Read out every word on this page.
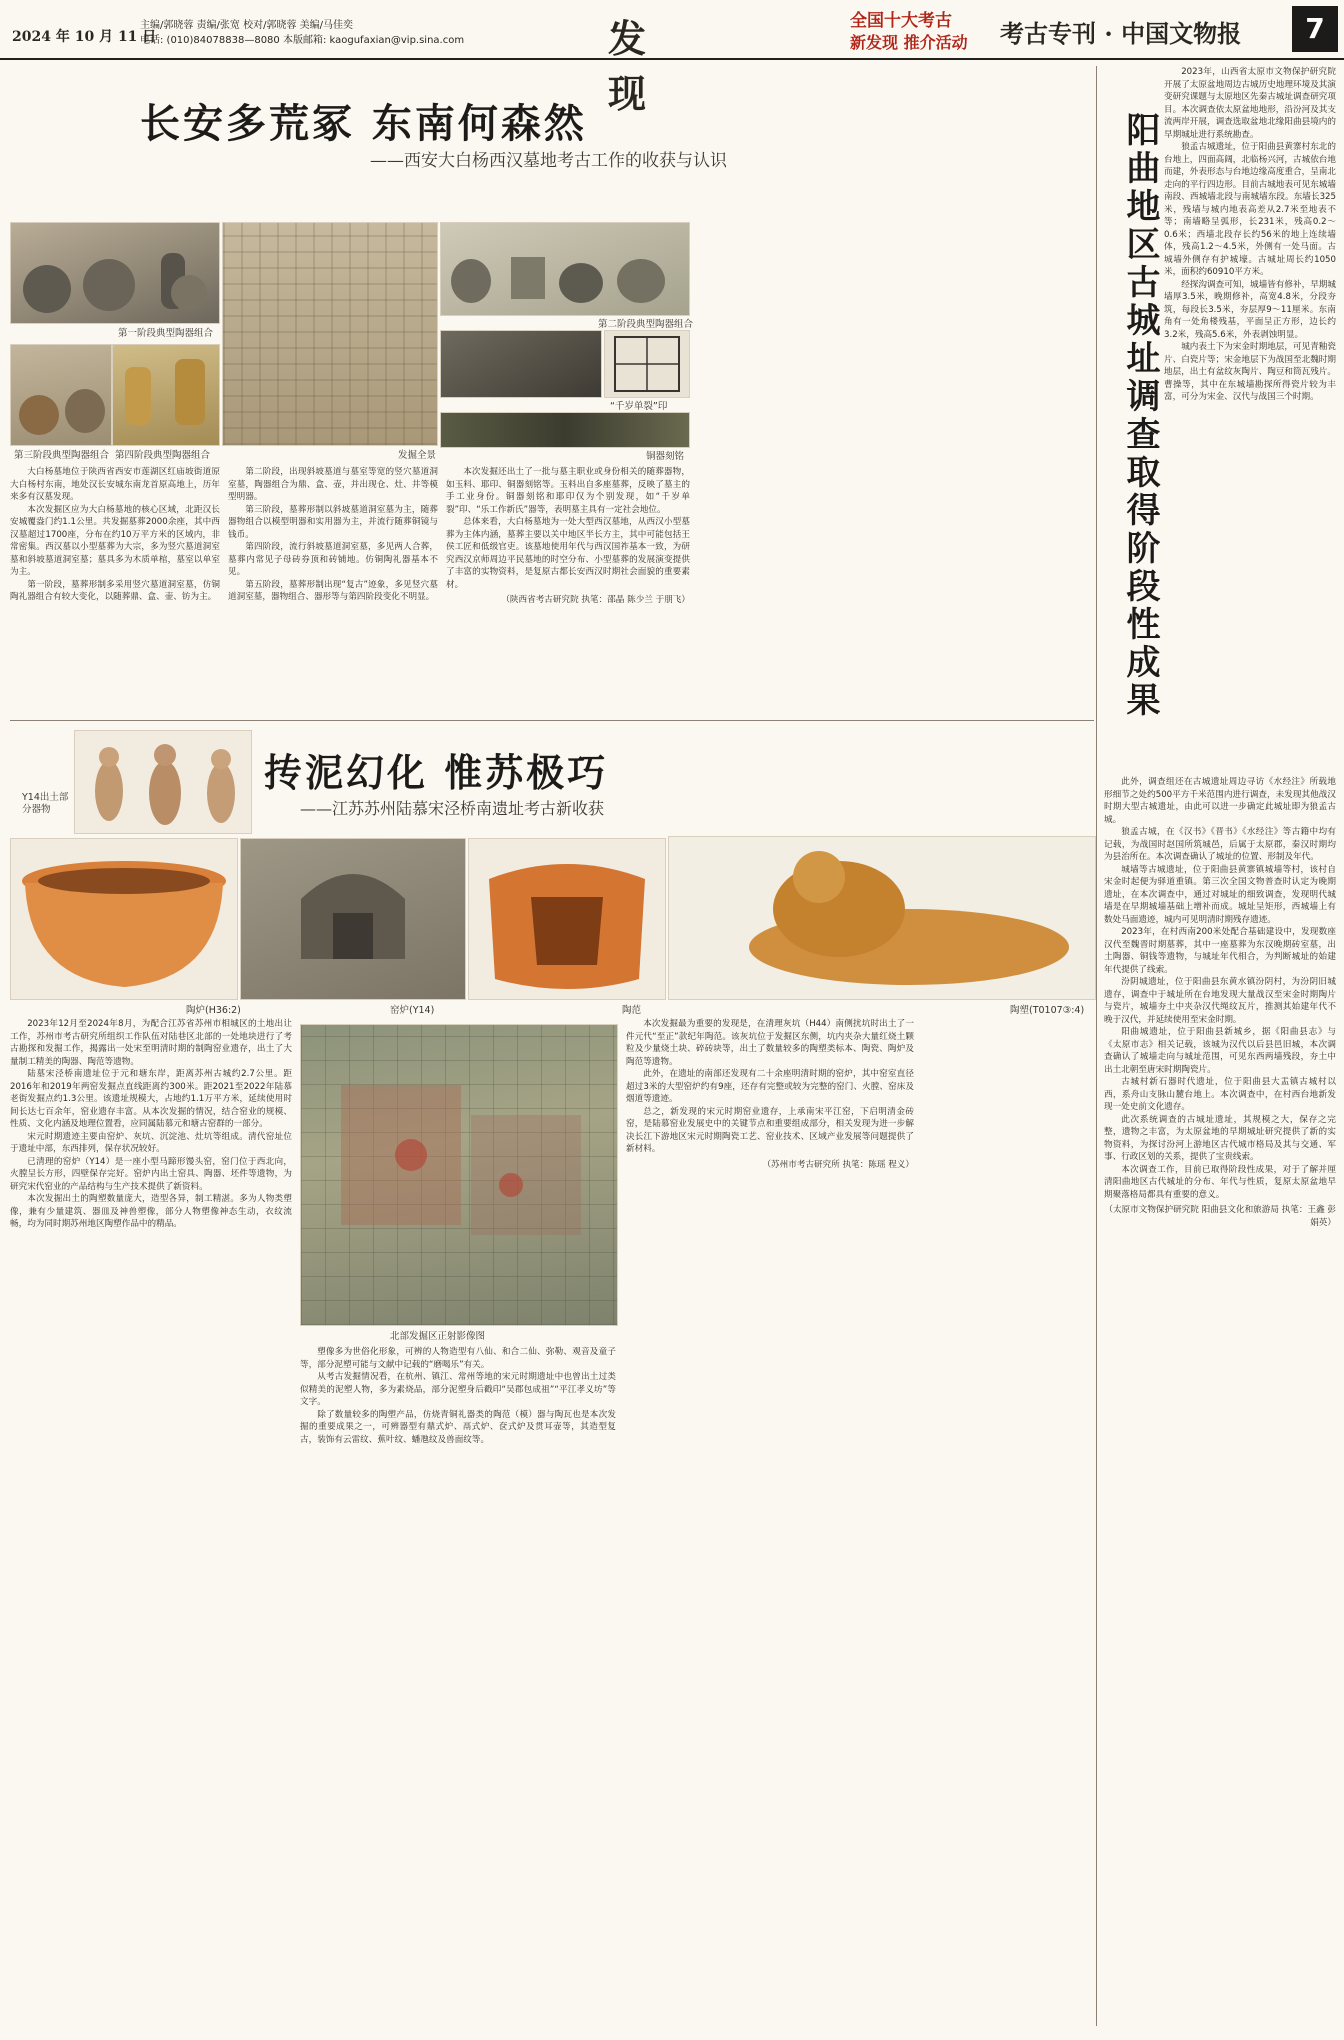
2024 年 10 月 11 日
主编/郭晓蓉 责编/张宽 校对/郭晓蓉 美编/马佳奕
电话: (010)84078838—8080 本版邮箱: kaogufaxian@vip.sina.com	发 现
全国十大考古
新发现 推介活动 考古专刊 · 中国文物报	7
长安多荒冢 东南何森然
——西安大白杨西汉墓地考古工作的收获与认识
第一阶段典型陶器组合
第三阶段典型陶器组合 第四阶段典型陶器组合	发掘全景
第二阶段典型陶器组合
“千岁单裂”印
铜器刻铭

大白杨墓地位于陕西省西安市莲湖区红庙坡街道原大白杨村东南，地处汉长安城东南龙首原高地上，历年来多有汉墓发现。

本次发掘区应为大白杨墓地的核心区域，北距汉长安城覆盎门约1.1公里。共发掘墓葬2000余座，其中西汉墓超过1700座，分布在约10万平方米的区域内，非常密集。西汉墓以小型墓葬为大宗，多为竖穴墓道洞室墓和斜坡墓道洞室墓；墓具多为木质单棺，墓室以单室为主。

第一阶段，墓葬形制多采用竖穴墓道洞室墓，仿铜陶礼器组合有较大变化，以随葬鼎、盒、壶、钫为主。

第二阶段，出现斜坡墓道与墓室等宽的竖穴墓道洞室墓，陶器组合为鼎、盒、壶，并出现仓、灶、井等模型明器。

第三阶段，墓葬形制以斜坡墓道洞室墓为主，随葬器物组合以模型明器和实用器为主，并流行随葬铜镜与钱币。

第四阶段，流行斜坡墓道洞室墓，多见两人合葬，墓葬内常见子母砖券顶和砖铺地。仿铜陶礼器基本不见。

第五阶段，墓葬形制出现“复古”迹象，多见竖穴墓道洞室墓，器物组合、器形等与第四阶段变化不明显。

本次发掘还出土了一批与墓主职业或身份相关的随葬器物，如玉料、耶印、铜器刻铭等。玉料出自多座墓葬，反映了墓主的手工业身份。铜器刻铭和耶印仅为个别发现，如“千岁单裂”印、“乐工作新氏”器等，表明墓主具有一定社会地位。

总体来看，大白杨墓地为一处大型西汉墓地，从西汉小型墓葬为主体内涵，墓葬主要以关中地区半长方主，其中可能包括王侯工匠和低级官吏。该墓地使用年代与西汉国祚基本一致，为研究西汉京师周边平民墓地的时空分布、小型墓葬的发展演变提供了丰富的实物资料，是复原古都长安西汉时期社会面貌的重要素材。

（陕西省考古研究院 执笔：邵晶 陈少兰 于朋飞）

抟泥幻化 惟苏极巧
——江苏苏州陆慕宋泾桥南遗址考古新收获
Y14出土部分器物
陶炉(H36:2)	窑炉(Y14)	陶范	陶塑(T0107③:4)
北部发掘区正射影像图

2023年12月至2024年8月，为配合江苏省苏州市相城区的土地出让工作，苏州市考古研究所组织工作队伍对陆巷区北部的一处地块进行了考古勘探和发掘工作，揭露出一处宋至明清时期的制陶窑业遗存，出土了大量制工精美的陶器、陶范等遗物。

陆墓宋泾桥南遗址位于元和塘东岸，距离苏州古城约2.7公里。距2016年和2019年两窑发掘点直线距离约300米。距2021至2022年陆慕老街发掘点约1.3公里。该遗址规模大，占地约1.1万平方米，延续使用时间长达七百余年，窑业遗存丰富。从本次发掘的情况，结合窑业的规模、性质、文化内涵及地理位置看，应同属陆慕元和塘古窑群的一部分。

宋元时期遗迹主要由窑炉、灰坑、沉淀池、灶坑等组成。清代窑址位于遗址中部，东西排列，保存状况较好。

已清理的窑炉（Y14）是一座小型马蹄形馒头窑，窑门位于西北向，火膛呈长方形，四壁保存完好。窑炉内出土窑具、陶器、坯件等遗物，为研究宋代窑业的产品结构与生产技术提供了新资料。

本次发掘出土的陶塑数量庞大，造型各异，制工精湛。多为人物类塑像，兼有少量建筑、器皿及神兽塑像，部分人物塑像神态生动，衣纹流畅，均为同时期苏州地区陶塑作品中的精品。

塑像多为世俗化形象，可辨的人物造型有八仙、和合二仙、弥勒、观音及童子等，部分泥塑可能与文献中记载的“磨喝乐”有关。

从考古发掘情况看，在杭州、镇江、常州等地的宋元时期遗址中也曾出土过类似精美的泥塑人物，多为素烧品，部分泥塑身后戳印“吴郡包成祖”“平江孝义坊”等文字。

除了数量较多的陶塑产品，仿烧青铜礼器类的陶范（模）器与陶瓦也是本次发掘的重要成果之一，可辨器型有鼎式炉、鬲式炉、奁式炉及贯耳壶等，其造型复古，装饰有云雷纹、蕉叶纹、蟠虺纹及兽面纹等。

本次发掘最为重要的发现是，在清理灰坑（H44）南侧扰坑时出土了一件元代“至正”款纪年陶范。该灰坑位于发掘区东侧，坑内夹杂大量红烧土颗粒及少量烧土块、碎砖块等，出土了数量较多的陶塑类标本、陶瓷、陶炉及陶范等遗物。

此外，在遗址的南部还发现有二十余座明清时期的窑炉，其中窑室直径超过3米的大型窑炉约有9座，还存有完整或较为完整的窑门、火膛、窑床及烟道等遗迹。

总之，新发现的宋元时期窑业遗存，上承南宋平江窑，下启明清金砖窑，是陆慕窑业发展史中的关键节点和重要组成部分，相关发现为进一步解决长江下游地区宋元时期陶瓷工艺、窑业技术、区域产业发展等问题提供了新材料。

（苏州市考古研究所 执笔：陈瑶 程义）

阳曲地区古城址调查取得阶段性成果

2023年，山西省太原市文物保护研究院开展了太原盆地周边古城历史地理环境及其演变研究课题与太原地区先秦古城址调查研究项目。本次调查依太原盆地地形，沿汾河及其支流两岸开展，调查选取盆地北缘阳曲县境内的早期城址进行系统勘查。

狼孟古城遗址，位于阳曲县黄寨村东北的台地上，四面高阔，北临杨兴河，古城依台地而建，外表形态与台地边缘高度重合，呈南北走向的平行四边形。目前古城地表可见东城墙南段、西城墙北段与南城墙东段。东墙长325米，残墙与城内地表高差从2.7米至地表不等；南墙略呈弧形，长231米，残高0.2～0.6米；西墙北段存长约56米的地上连续墙体，残高1.2～4.5米，外侧有一处马面。古城墙外侧存有护城壕。古城址周长约1050米，面积约60910平方米。

经探沟调查可知，城墙皆有修补，早期城墙厚3.5米，晚期修补，高宽4.8米，分段夯筑，每段长3.5米，夯层厚9～11厘米。东南角有一处角楼残基，平面呈正方形，边长约3.2米，残高5.6米，外表剥蚀明显。

城内表土下为宋金时期地层，可见青釉瓷片、白瓷片等；宋金地层下为战国至北魏时期地层，出土有盆纹灰陶片、陶豆和筒瓦残片。曹操等，其中在东城墙勘探所得瓷片较为丰富，可分为宋金、汉代与战国三个时期。

此外，调查组还在古城遗址周边寻访《水经注》所载地形细节之处约500平方千米范围内进行调查，未发现其他战汉时期大型古城遗址，由此可以进一步确定此城址即为狼孟古城。

狼孟古城，在《汉书》《晋书》《水经注》等古籍中均有记载，为战国时赵国所筑城邑，后属于太原郡，秦汉时期均为县治所在。本次调查确认了城址的位置、形制及年代。

城墙等古城遗址，位于阳曲县黄寨镇城墙等村，该村自宋金时起便为驿道重镇。第三次全国文物普查时认定为晚期遗址，在本次调查中，通过对城址的细致调查，发现明代城墙是在早期城墙基础上增补而成。城址呈矩形，西城墙上有数处马面遗迹，城内可见明清时期残存遗迹。

2023年，在村西南200米处配合基础建设中，发现数座汉代至魏晋时期墓葬，其中一座墓葬为东汉晚期砖室墓，出土陶器、铜钱等遗物，与城址年代相合，为判断城址的始建年代提供了线索。

汾阴城遗址，位于阳曲县东黄水镇汾阴村，为汾阴旧城遗存，调查中于城址所在台地发现大量战汉至宋金时期陶片与瓷片，城墙夯土中夹杂汉代绳纹瓦片，推测其始建年代不晚于汉代，并延续使用至宋金时期。

阳曲城遗址，位于阳曲县新城乡，据《阳曲县志》与《太原市志》相关记载，该城为汉代以后县邑旧城，本次调查确认了城墙走向与城址范围，可见东西两墙残段，夯土中出土北朝至唐宋时期陶瓷片。

古城村新石器时代遗址，位于阳曲县大盂镇古城村以西，系舟山支脉山麓台地上。本次调查中，在村西台地新发现一处史前文化遗存。

此次系统调查的古城址遗址，其规模之大，保存之完整，遗物之丰富，为太原盆地的早期城址研究提供了新的实物资料，为探讨汾河上游地区古代城市格局及其与交通、军事、行政区划的关系，提供了宝贵线索。

本次调查工作，目前已取得阶段性成果，对于了解并厘清阳曲地区古代城址的分布、年代与性质，复原太原盆地早期聚落格局都具有重要的意义。

（太原市文物保护研究院 阳曲县文化和旅游局 执笔：王鑫 彭娟英）
